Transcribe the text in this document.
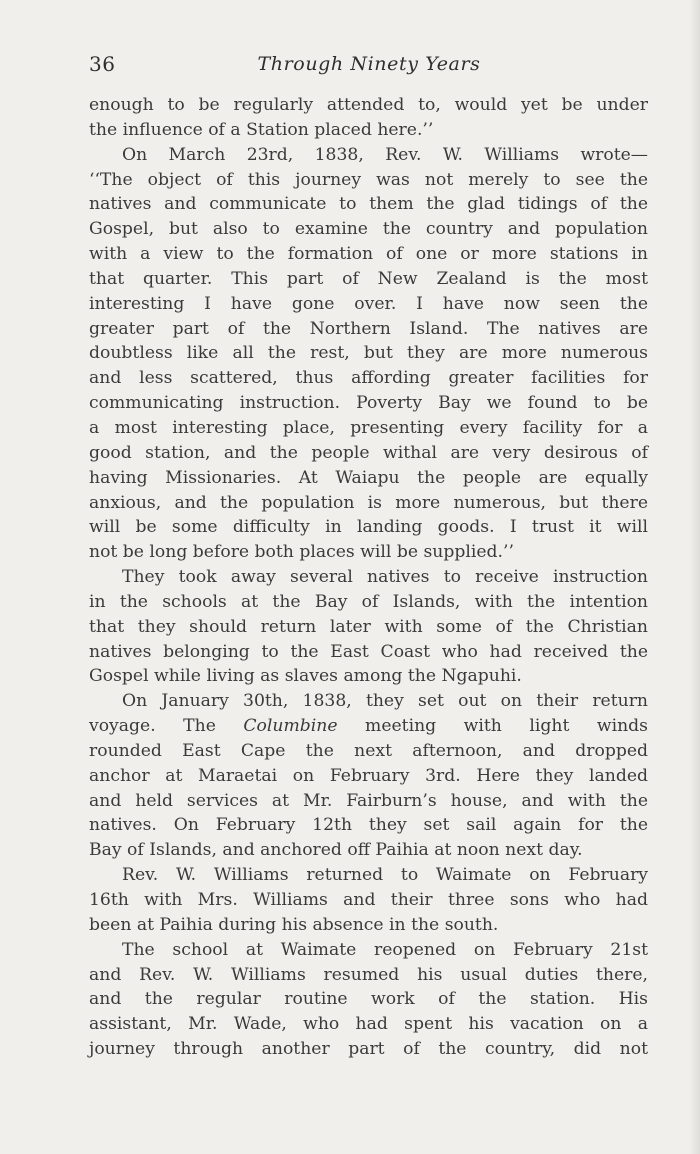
36	Through Ninety Years
enough to be regularly attended to, would yet be under
the influence of a Station placed here.’’
On March 23rd, 1838, Rev. W. Williams wrote—
‘‘The object of this journey was not merely to see the
natives and communicate to them the glad tidings of the
Gospel, but also to examine the country and population
with a view to the formation of one or more stations in
that quarter. This part of New Zealand is the most
interesting I have gone over. I have now seen the
greater part of the Northern Island. The natives are
doubtless like all the rest, but they are more numerous
and less scattered, thus affording greater facilities for
communicating instruction. Poverty Bay we found to be
a most interesting place, presenting every facility for a
good station, and the people withal are very desirous of
having Missionaries. At Waiapu the people are equally
anxious, and the population is more numerous, but there
will be some difficulty in landing goods. I trust it will
not be long before both places will be supplied.’’
They took away several natives to receive instruction
in the schools at the Bay of Islands, with the intention
that they should return later with some of the Christian
natives belonging to the East Coast who had received the
Gospel while living as slaves among the Ngapuhi.
On January 30th, 1838, they set out on their return
voyage. The Columbine meeting with light winds
rounded East Cape the next afternoon, and dropped
anchor at Maraetai on February 3rd. Here they landed
and held services at Mr. Fairburn’s house, and with the
natives. On February 12th they set sail again for the
Bay of Islands, and anchored off Paihia at noon next day.
Rev. W. Williams returned to Waimate on February
16th with Mrs. Williams and their three sons who had
been at Paihia during his absence in the south.
The school at Waimate reopened on February 21st
and Rev. W. Williams resumed his usual duties there,
and the regular routine work of the station. His
assistant, Mr. Wade, who had spent his vacation on a
journey through another part of the country, did not
